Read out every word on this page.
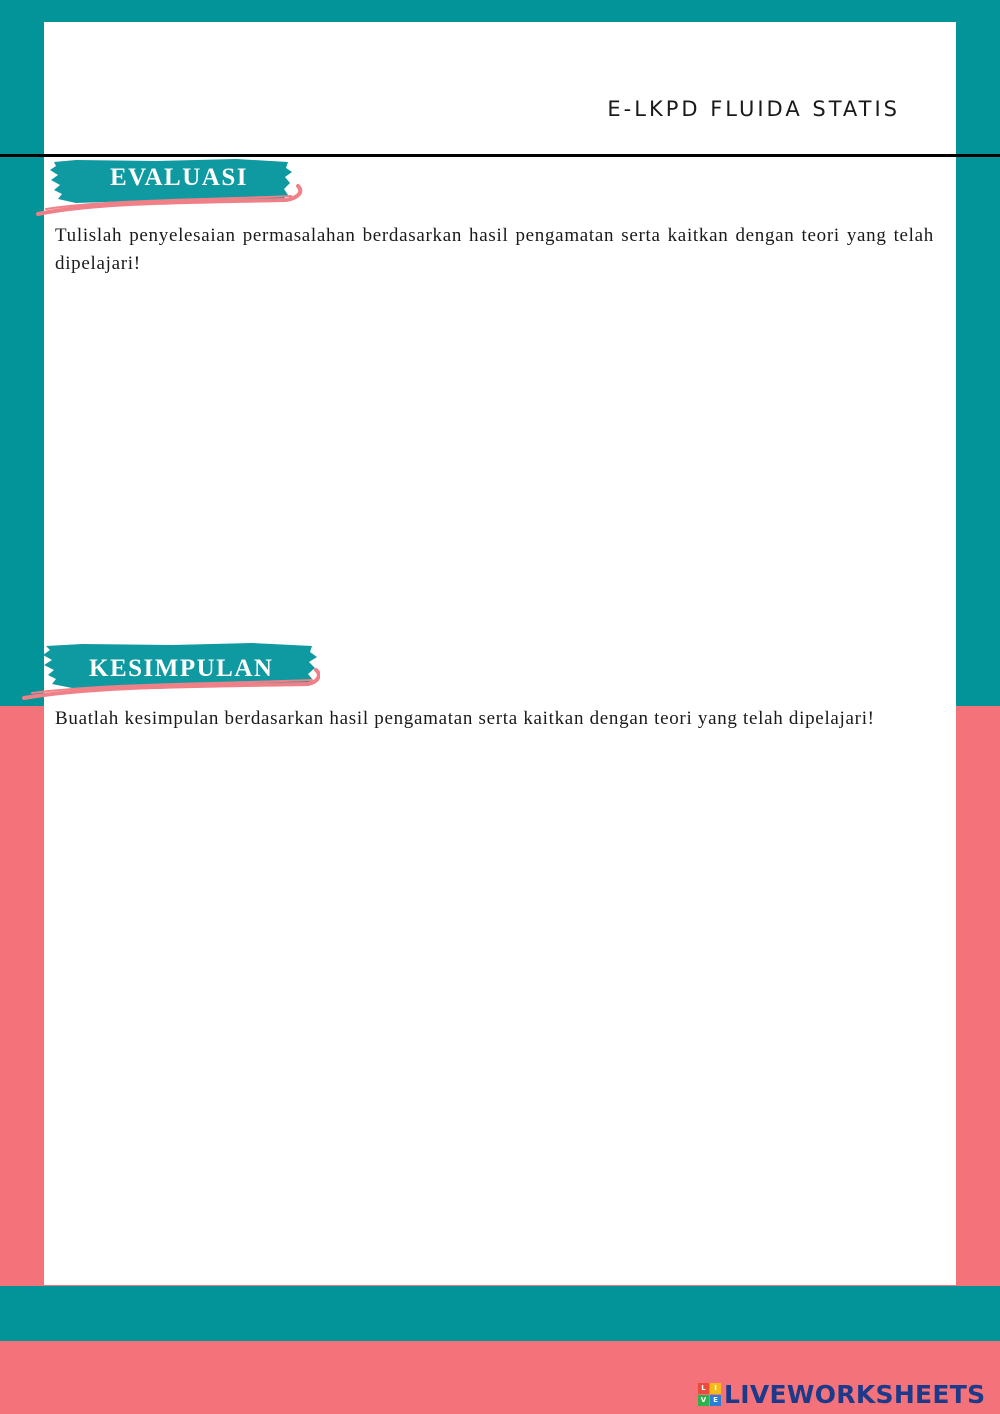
E-LKPD FLUIDA STATIS
EVALUASI
Tulislah penyelesaian permasalahan berdasarkan hasil pengamatan serta kaitkan dengan teori yang telah dipelajari!
KESIMPULAN
Buatlah kesimpulan berdasarkan hasil pengamatan serta kaitkan dengan teori yang telah dipelajari!
L	I
V E LIVEWORKSHEETS
